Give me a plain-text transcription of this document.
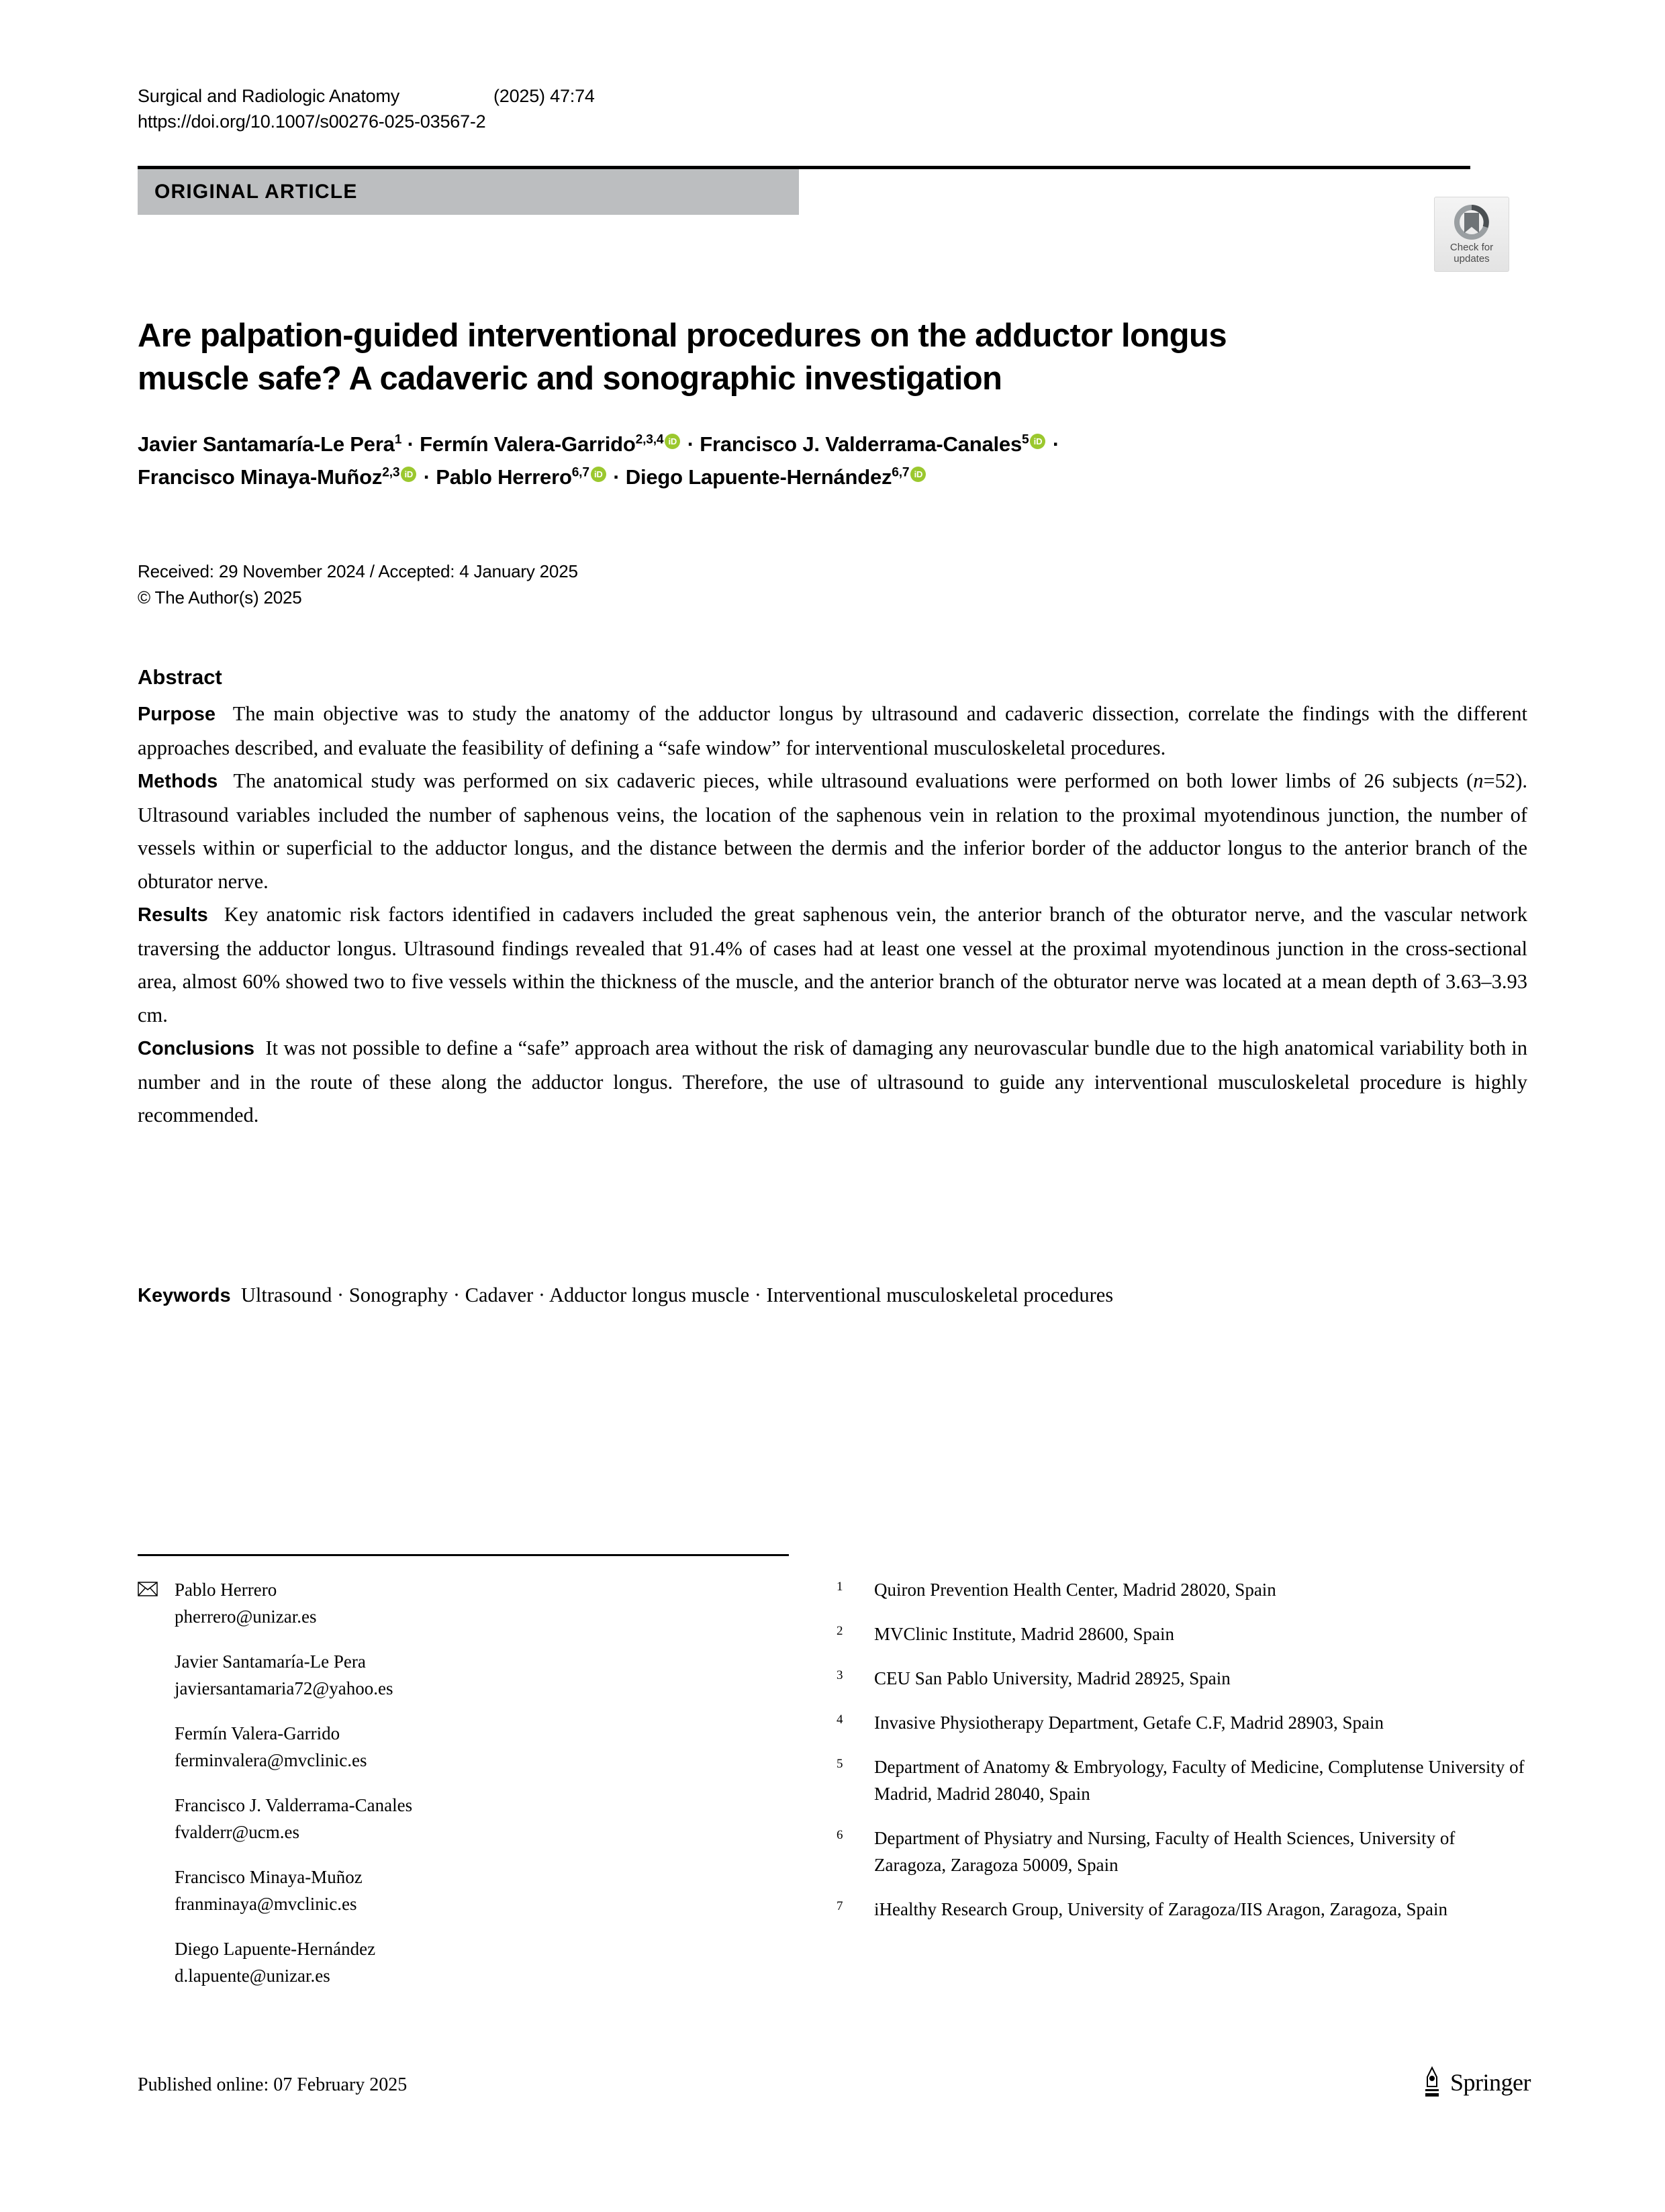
Surgical and Radiologic Anatomy	(2025) 47:74
https://doi.org/10.1007/s00276-025-03567-2
ORIGINAL ARTICLE
Check for
updates
Are palpation-guided interventional procedures on the adductor longus muscle safe? A cadaveric and sonographic investigation
Javier Santamaría-Le Pera$^1$ · Fermín Valera-Garrido$^{2,3,4}$iD · Francisco J. Valderrama-Canales$^5$iD ·
Francisco Minaya-Muñoz$^{2,3}$iD · Pablo Herrero$^{6,7}$iD · Diego Lapuente-Hernández$^{6,7}$iD
Received: 29 November 2024 / Accepted: 4 January 2025
© The Author(s) 2025
Abstract

Purpose The main objective was to study the anatomy of the adductor longus by ultrasound and cadaveric dissection, correlate the findings with the different approaches described, and evaluate the feasibility of defining a “safe window” for interventional musculoskeletal procedures.

Methods The anatomical study was performed on six cadaveric pieces, while ultrasound evaluations were performed on both lower limbs of 26 subjects (n=52). Ultrasound variables included the number of saphenous veins, the location of the saphenous vein in relation to the proximal myotendinous junction, the number of vessels within or superficial to the adductor longus, and the distance between the dermis and the inferior border of the adductor longus to the anterior branch of the obturator nerve.

Results Key anatomic risk factors identified in cadavers included the great saphenous vein, the anterior branch of the obturator nerve, and the vascular network traversing the adductor longus. Ultrasound findings revealed that 91.4% of cases had at least one vessel at the proximal myotendinous junction in the cross-sectional area, almost 60% showed two to five vessels within the thickness of the muscle, and the anterior branch of the obturator nerve was located at a mean depth of 3.63–3.93 cm.

Conclusions It was not possible to define a “safe” approach area without the risk of damaging any neurovascular bundle due to the high anatomical variability both in number and in the route of these along the adductor longus. Therefore, the use of ultrasound to guide any interventional musculoskeletal procedure is highly recommended.

Keywords Ultrasound · Sonography · Cadaver · Adductor longus muscle · Interventional musculoskeletal procedures
Pablo Herrero
pherrero@unizar.es
Javier Santamaría-Le Pera
javiersantamaria72@yahoo.es
Fermín Valera-Garrido
ferminvalera@mvclinic.es
Francisco J. Valderrama-Canales
fvalderr@ucm.es
Francisco Minaya-Muñoz
franminaya@mvclinic.es
Diego Lapuente-Hernández
d.lapuente@unizar.es
1 Quiron Prevention Health Center, Madrid 28020, Spain
2 MVClinic Institute, Madrid 28600, Spain
3 CEU San Pablo University, Madrid 28925, Spain
4 Invasive Physiotherapy Department, Getafe C.F, Madrid 28903, Spain
5 Department of Anatomy & Embryology, Faculty of Medicine, Complutense University of Madrid, Madrid 28040, Spain
6 Department of Physiatry and Nursing, Faculty of Health Sciences, University of Zaragoza, Zaragoza 50009, Spain
7 iHealthy Research Group, University of Zaragoza/IIS Aragon, Zaragoza, Spain
Published online: 07 February 2025	Springer
